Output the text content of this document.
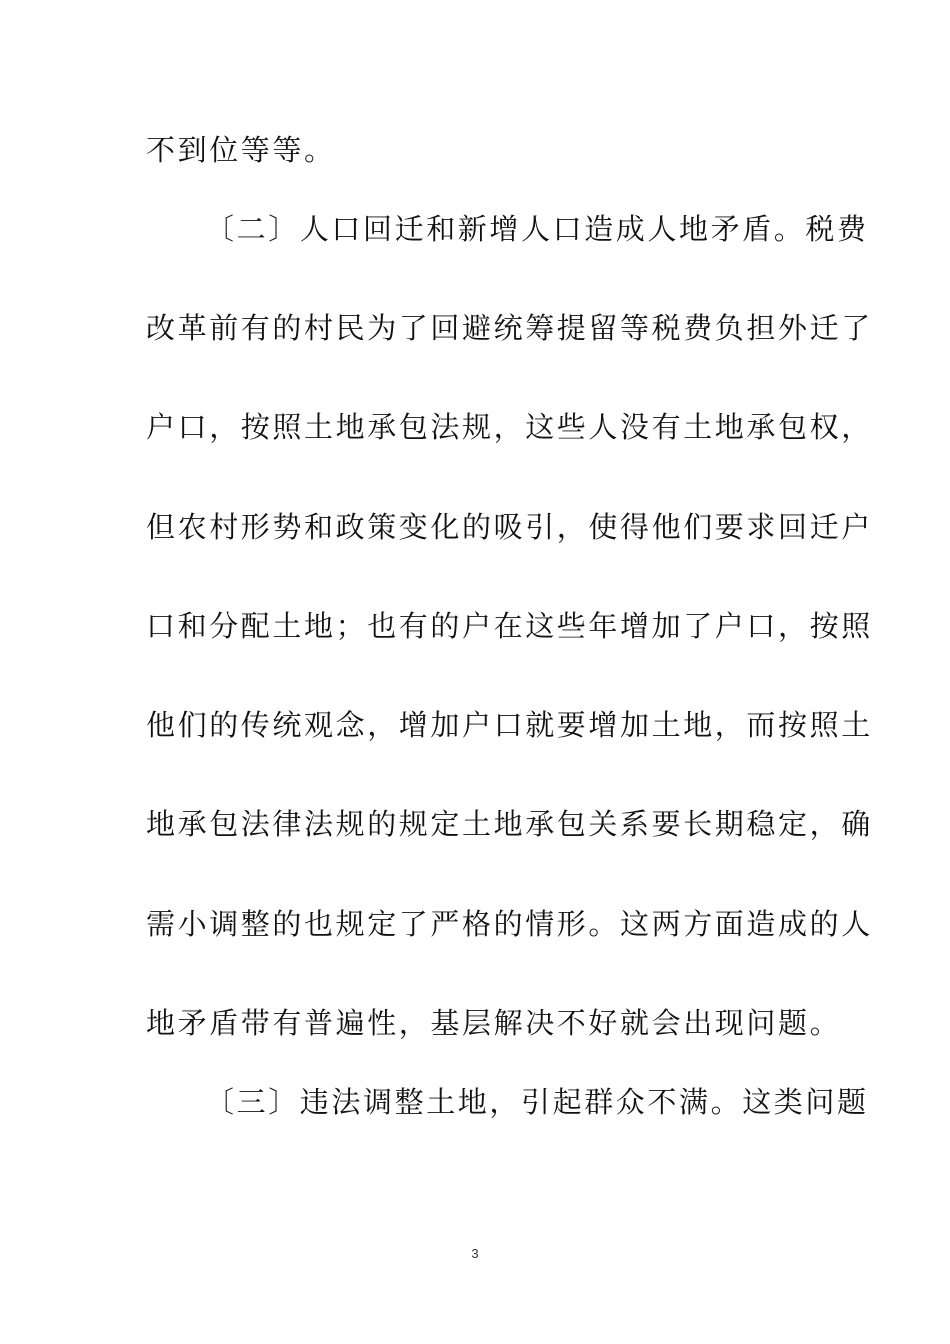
不到位等等。
〔二〕人口回迁和新增人口造成人地矛盾。税费
改革前有的村民为了回避统筹提留等税费负担外迁了
户口，按照土地承包法规，这些人没有土地承包权，
但农村形势和政策变化的吸引，使得他们要求回迁户
口和分配土地；也有的户在这些年增加了户口，按照
他们的传统观念，增加户口就要增加土地，而按照土
地承包法律法规的规定土地承包关系要长期稳定，确
需小调整的也规定了严格的情形。这两方面造成的人
地矛盾带有普遍性，基层解决不好就会出现问题。
〔三〕违法调整土地，引起群众不满。这类问题
3
